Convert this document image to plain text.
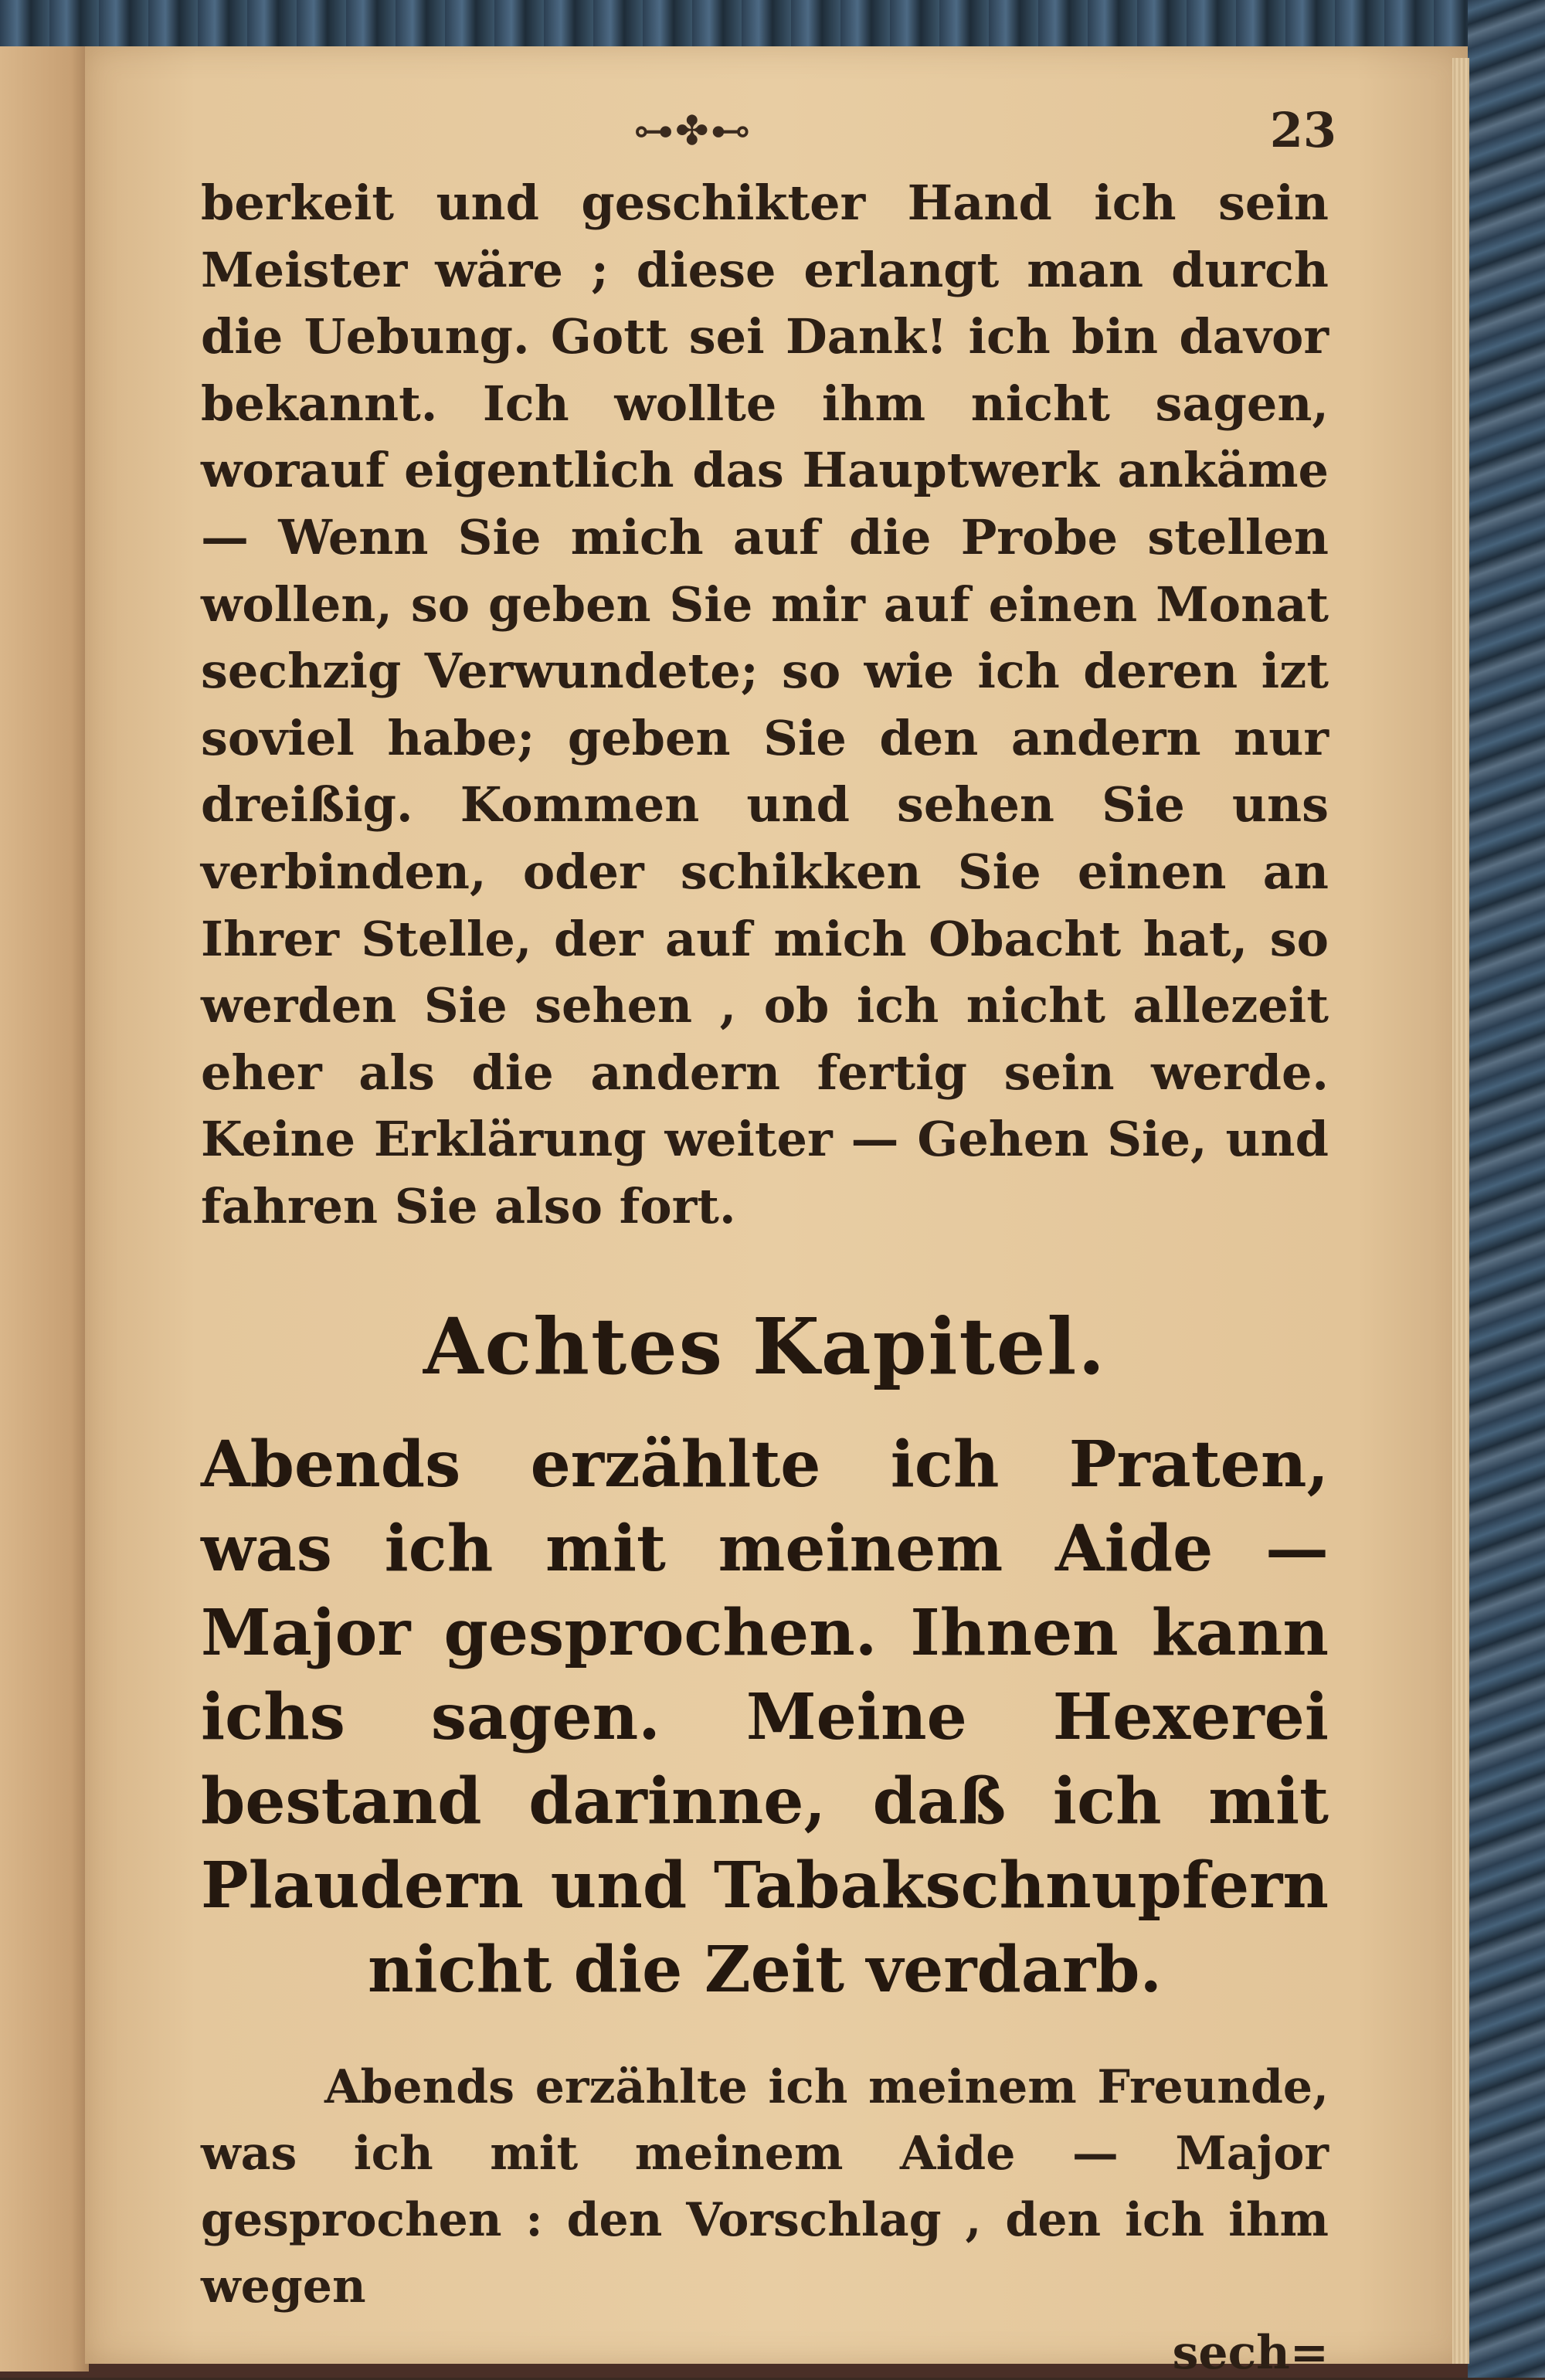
⊶✤⊷	23

berkeit und geschikter Hand ich sein Meister wäre ; diese erlangt man durch die Uebung. Gott sei Dank! ich bin davor bekannt. Ich wollte ihm nicht sagen, worauf eigentlich das Hauptwerk ankäme — Wenn Sie mich auf die Probe stellen wollen, so geben Sie mir auf einen Monat sechzig Verwundete; so wie ich deren izt soviel habe; geben Sie den andern nur dreißig. Kommen und sehen Sie uns verbinden, oder schikken Sie einen an Ihrer Stelle, der auf mich Obacht hat, so werden Sie sehen , ob ich nicht allezeit eher als die andern fertig sein werde. Keine Erklärung weiter — Gehen Sie, und fahren Sie also fort.

Achtes Kapitel.

Abends erzählte ich Praten, was ich mit meinem Aide — Major gesprochen. Ihnen kann ichs sagen. Meine Hexerei bestand darinne, daß ich mit Plaudern und Tabakschnupfern nicht die Zeit verdarb.

Abends erzählte ich meinem Freunde, was ich mit meinem Aide — Major gesprochen : den Vorschlag , den ich ihm wegen

sech=
